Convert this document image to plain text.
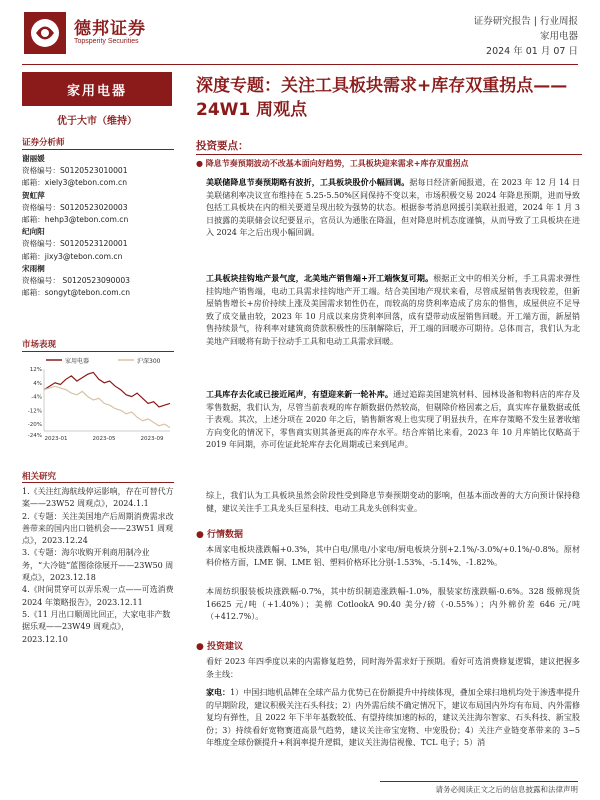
德邦证券
Topsperity Securities
证券研究报告 | 行业周报
家用电器
2024 年 01 月 07 日
家用电器
优于大市（维持）
证券分析师
谢丽媛
资格编号：S0120523010001
邮箱：xiely3@tebon.com.cn
贺虹萍
资格编号：S0120523020003
邮箱：hehp3@tebon.com.cn
纪向阳
资格编号：S0120523120001
邮箱：jixy3@tebon.com.cn
宋雨桐
资格编号： S0120523090003
邮箱：songyt@tebon.com.cn
市场表现
家用电器	沪深300
12%
4%
-4%
-12%
-20%
-24% 2023-01	2023-05	2023-09
相关研究
1.《关注红海航线停运影响，存在可替代方案——23W52 周观点》，2024.1.1
2.《专题：关注美国地产后周期消费需求改善带来的国内出口链机会——23W51 周观点》，2023.12.24
3.《专题：海尔收购开利商用制冷业务，“大冷链”蓝图徐徐展开——23W50 周观点》，2023.12.18
4.《时间贯穿可以弄乐观一点——可选消费 2024 年策略报告》，2023.12.11
5.《11 月出口顺周比回正，大家电非产数据乐观——23W49 周观点》，2023.12.10
深度专题：关注工具板块需求+库存双重拐点——24W1 周观点
投资要点：
● 降息节奏预期波动不改基本面向好趋势，工具板块迎来需求+库存双重拐点
美联储降息节奏预期略有波折，工具板块股价小幅回调。据每日经济新闻报道，在 2023 年 12 月 14 日美联储利率决议宣布维持在 5.25-5.50%区间保持不变以来，市场积极交易 2024 年降息预期，进而导致包括工具板块在内的相关要道呈现出较为强势的状态。根据参考消息网援引美联社报道，2024 年 1 月 3 日披露的美联储会议纪要显示，官员认为通胀在降温，但对降息时机态度谨慎，从而导致了工具板块在进入 2024 年之后出现小幅回调。
工具板块挂钩地产景气度，北美地产销售端+开工端恢复可期。根据正文中的相关分析，手工具需求弹性挂钩地产销售端，电动工具需求挂钩地产开工端。结合美国地产现状来看，尽管成屋销售表现较差，但新屋销售增长+房价持续上涨及美国需求韧性仍在，而较高的房贷利率造成了房东的惜售，成屋供应不足导致了成交量由较，2023 年 10 月成以来房贷利率回落，成有望带动成屋销售回暖。开工端方面，新屋销售持续景气，待利率对建筑商贷款积极性的压制解除后，开工端的回暖亦可期待。总体而言，我们认为北美地产回暖将有助于拉动手工具和电动工具需求回暖。
工具库存去化或已接近尾声，有望迎来新一轮补库。通过追踪美国建筑材料、园林设备和物料店的库存及零售数据，我们认为，尽管当前表观的库存额数据仍然较高，但剔除价格因素之后，真实库存量数据或低于表观。其次，上述分项在 2020 年之后，销售额客观上也实现了明显扶升，在库存策略不发生显著收缩方向变化的情况下，零售商实则其备更高的库存水平。结合库销比来看，2023 年 10 月库销比仅略高于 2019 年同期，亦可佐证此轮库存去化周期或已来到尾声。
综上，我们认为工具板块虽然会阶段性受到降息节奏预期变动的影响，但基本面改善的大方向预计保持稳健，建议关注手工具龙头巨星科技、电动工具龙头创科实业。
● 行情数据
本周家电板块涨跌幅+0.3%，其中白电/黑电/小家电/厨电板块分别+2.1%/-3.0%/+0.1%/-0.8%。原材料价格方面，LME 铜、LME 铝、塑料价格环比分别-1.53%、-5.14%、-1.82%。
本周纺织服装板块涨跌幅-0.7%，其中纺织制造涨跌幅-1.0%，服装家纺涨跌幅-0.6%。328 级棉现货 16625 元/吨（+1.40%）；美棉 CotlookA 90.40 美分/磅（-0.55%）；内外棉价差 646 元/吨（+412.7%）。
● 投资建议
看好 2023 年四季度以来的内需修复趋势，同时海外需求好于预期。看好可选消费修复逻辑，建议把握多条主线：
家电：1）中国扫地机品牌在全球产品力优势已在份额提升中持续体现，叠加全球扫地机均处于渗透率提升的早期阶段，建议积极关注石头科技；2）内外需后续不确定情况下，建议布局国内外均有布局、内外需修复均有弹性，且 2022 年下半年基数较低、有望持续加速的标的，建议关注海尔智家、石头科技、新宝股份；3）持续看好宽物赛道高景气趋势，建议关注帝宝宠物、中宠股份；4）关注产业链变革带来的 3~5 年维度全球份额提升+利润率提升逻辑，建议关注海信视像、TCL 电子；5）消
请务必阅读正文之后的信息披露和法律声明
